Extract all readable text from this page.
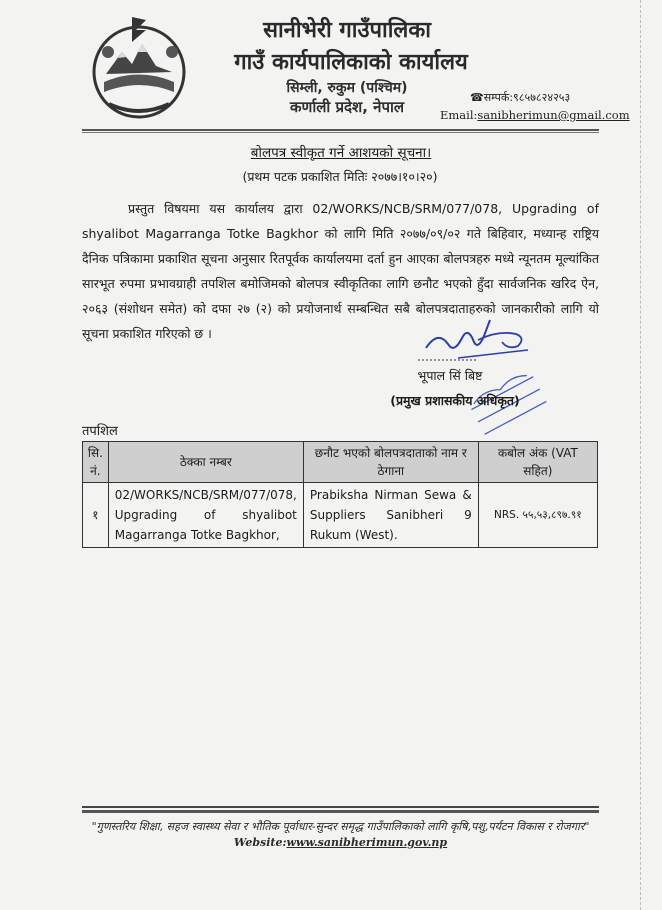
सानीभेरी गाउँपालिका
गाउँ कार्यपालिकाको कार्यालय
सिम्ली, रुकुम (पश्चिम)
कर्णाली प्रदेश, नेपाल
☎सम्पर्क:९८५७८२४२५३
Email:sanibherimun@gmail.com
बोलपत्र स्वीकृत गर्ने आशयको सूचना।
(प्रथम पटक प्रकाशित मितिः २०७७।१०।२०)
प्रस्तुत विषयमा यस कार्यालय द्वारा 02/WORKS/NCB/SRM/077/078, Upgrading of shyalibot Magarranga Totke Bagkhor को लागि मिति २०७७/०९/०२ गते बिहिवार, मध्यान्ह राष्ट्रिय दैनिक पत्रिकामा प्रकाशित सूचना अनुसार रितपूर्वक कार्यालयमा दर्ता हुन आएका बोलपत्रहरु मध्ये न्यूनतम मूल्यांकित सारभूत रुपमा प्रभावग्राही तपशिल बमोजिमको बोलपत्र स्वीकृतिका लागि छनौट भएको हुँदा सार्वजनिक खरिद ऐन, २०६३ (संशोधन समेत) को दफा २७ (२) को प्रयोजनार्थ सम्बन्धित सबै बोलपत्रदाताहरुको जानकारीको लागि यो सूचना प्रकाशित गरिएको छ ।
भूपाल सिं बिष्ट
(प्रमुख प्रशासकीय अधिकृत)
तपशिल
सि. नं.	ठेक्का नम्बर	छनौट भएको बोलपत्रदाताको नाम र ठेगाना	कबोल अंक (VAT सहित)
१	02/WORKS/NCB/SRM/077/078, Upgrading of shyalibot Magarranga Totke Bagkhor,	Prabiksha Nirman Sewa & Suppliers Sanibheri 9 Rukum (West).	NRS. ५५,५३,८९७.९१
"गुणस्तरिय शिक्षा, सहज स्वास्थ्य सेवा र भौतिक पूर्वाधार-सुन्दर समृद्ध गाउँपालिकाको लागि कृषि,पशु,पर्यटन विकास र रोजगार"
Website:www.sanibherimun.gov.np
